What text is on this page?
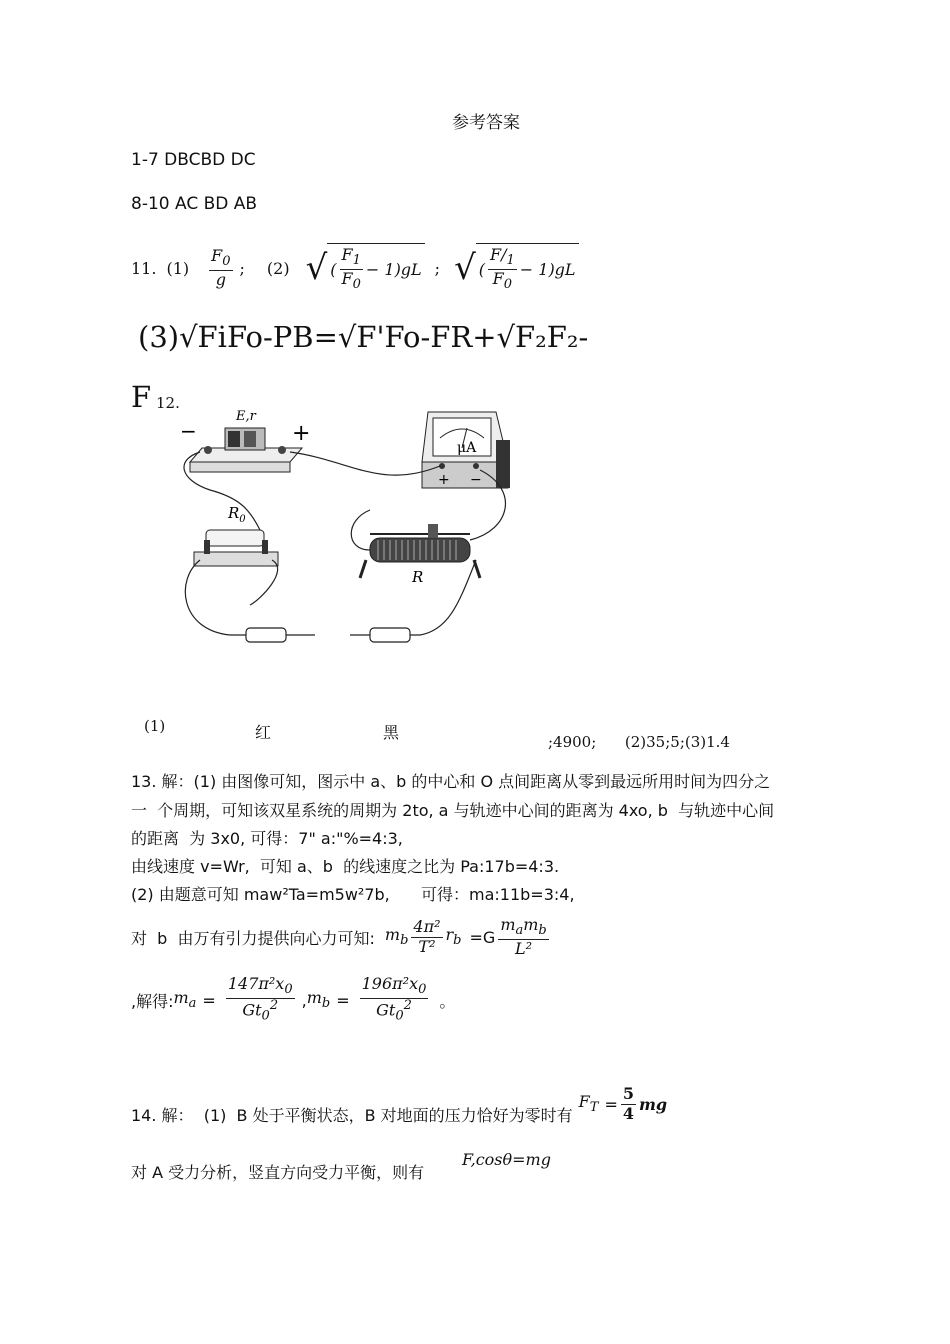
参考答案
1-7 DBCBD DC
8-10 AC BD AB
11. $(1) \frac{F_0}{g}$ ; (2) √ ( $\frac{F_1}{F_0} - 1)gL$ ; √ ( $\frac{F/_1}{F_0} - 1)gL$
(3)√FiFo-PB=√F'Fo-FR+√F₂F₂-
F 12.
E,r
−	+
μA
+ −
$R_0$
R
(1)	红	黑	;4900;      (2)35;5;(3)1.4
13. 解：(1) 由图像可知，图示中 a、b 的中心和 O 点间距离从零到最远所用时间为四分之
一  个周期，可知该双星系统的周期为 2to, a 与轨迹中心间的距离为 4xo, b  与轨迹中心间
的距离  为 3x0, 可得：7" a:"%=4:3,
由线速度 v=Wr,  可知 a、b  的线速度之比为 Pa:17b=4:3.
(2) 由题意可知 maw²Ta=m5w²7b, 可得：ma:11b=3:4,
对  b  由万有引力提供向心力可知: $m_b \frac{\text{4π²}}{\text{T²}} r_b =G \frac{m_am_b}{\text{L²}}$
,解得: $m_a = \frac{147\pi^2x_0}{Gt_0^2}$ , $m_b = \frac{196\pi^2x_0}{Gt_0^2}$ 。
14. 解：  (1)  B 处于平衡状态，B 对地面的压力恰好为零时有
$F_T = \frac{5}{4}$ mg
对 A 受力分析，竖直方向受力平衡，则有
F,cosθ=mg
